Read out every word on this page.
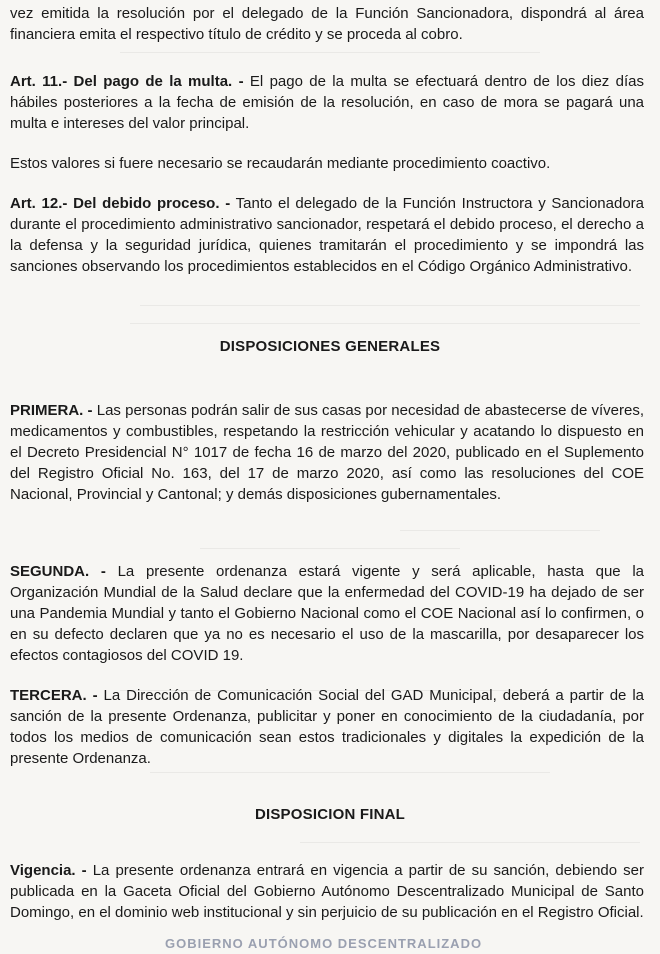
vez emitida la resolución por el delegado de la Función Sancionadora, dispondrá al área financiera emita el respectivo título de crédito y se proceda al cobro.

Art. 11.- Del pago de la multa. - El pago de la multa se efectuará dentro de los diez días hábiles posteriores a la fecha de emisión de la resolución, en caso de mora se pagará una multa e intereses del valor principal.

Estos valores si fuere necesario se recaudarán mediante procedimiento coactivo.

Art. 12.- Del debido proceso. - Tanto el delegado de la Función Instructora y Sancionadora durante el procedimiento administrativo sancionador, respetará el debido proceso, el derecho a la defensa y la seguridad jurídica, quienes tramitarán el procedimiento y se impondrá las sanciones observando los procedimientos establecidos en el Código Orgánico Administrativo.

DISPOSICIONES GENERALES

PRIMERA. - Las personas podrán salir de sus casas por necesidad de abastecerse de víveres, medicamentos y combustibles, respetando la restricción vehicular y acatando lo dispuesto en el Decreto Presidencial N° 1017 de fecha 16 de marzo del 2020, publicado en el Suplemento del Registro Oficial No. 163, del 17 de marzo 2020, así como las resoluciones del COE Nacional, Provincial y Cantonal; y demás disposiciones gubernamentales.

SEGUNDA. - La presente ordenanza estará vigente y será aplicable, hasta que la Organización Mundial de la Salud declare que la enfermedad del COVID-19 ha dejado de ser una Pandemia Mundial y tanto el Gobierno Nacional como el COE Nacional así lo confirmen, o en su defecto declaren que ya no es necesario el uso de la mascarilla, por desaparecer los efectos contagiosos del COVID 19.

TERCERA. - La Dirección de Comunicación Social del GAD Municipal, deberá a partir de la sanción de la presente Ordenanza, publicitar y poner en conocimiento de la ciudadanía, por todos los medios de comunicación sean estos tradicionales y digitales la expedición de la presente Ordenanza.

DISPOSICION FINAL

Vigencia. - La presente ordenanza entrará en vigencia a partir de su sanción, debiendo ser publicada en la Gaceta Oficial del Gobierno Autónomo Descentralizado Municipal de Santo Domingo, en el dominio web institucional y sin perjuicio de su publicación en el Registro Oficial.

GOBIERNO AUTÓNOMO DESCENTRALIZADO
